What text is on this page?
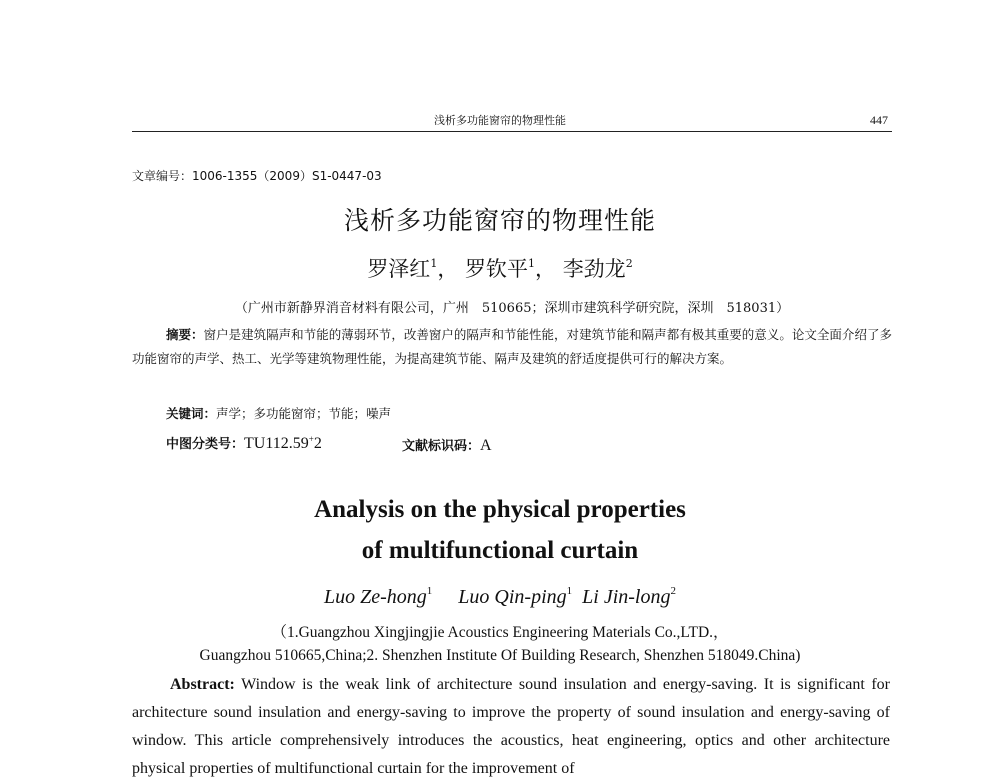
浅析多功能窗帘的物理性能	447
文章编号：1006-1355（2009）S1-0447-03
浅析多功能窗帘的物理性能
罗泽红$^1$， 罗钦平$^1$， 李劲龙$^2$
（广州市新静界消音材料有限公司，广州　510665；深圳市建筑科学研究院，深圳　518031）
摘要：窗户是建筑隔声和节能的薄弱环节，改善窗户的隔声和节能性能，对建筑节能和隔声都有极其重要的意义。论文全面介绍了多功能窗帘的声学、热工、光学等建筑物理性能，为提高建筑节能、隔声及建筑的舒适度提供可行的解决方案。
关键词：声学；多功能窗帘；节能；噪声
中图分类号：TU112.59+2	文献标识码：A
Analysis on the physical properties
of multifunctional curtain
Luo Ze-hong$^1$ Luo Qin-ping$^1$ Li Jin-long$^2$
（1.Guangzhou Xingjingjie Acoustics Engineering Materials Co.,LTD.，
Guangzhou 510665,China;2. Shenzhen Institute Of Building Research, Shenzhen 518049.China)
Abstract: Window is the weak link of architecture sound insulation and energy-saving. It is significant for architecture sound insulation and energy-saving to improve the property of sound insulation and energy-saving of window. This article comprehensively introduces the acoustics, heat engineering, optics and other architecture physical properties of multifunctional curtain for the improvement of
